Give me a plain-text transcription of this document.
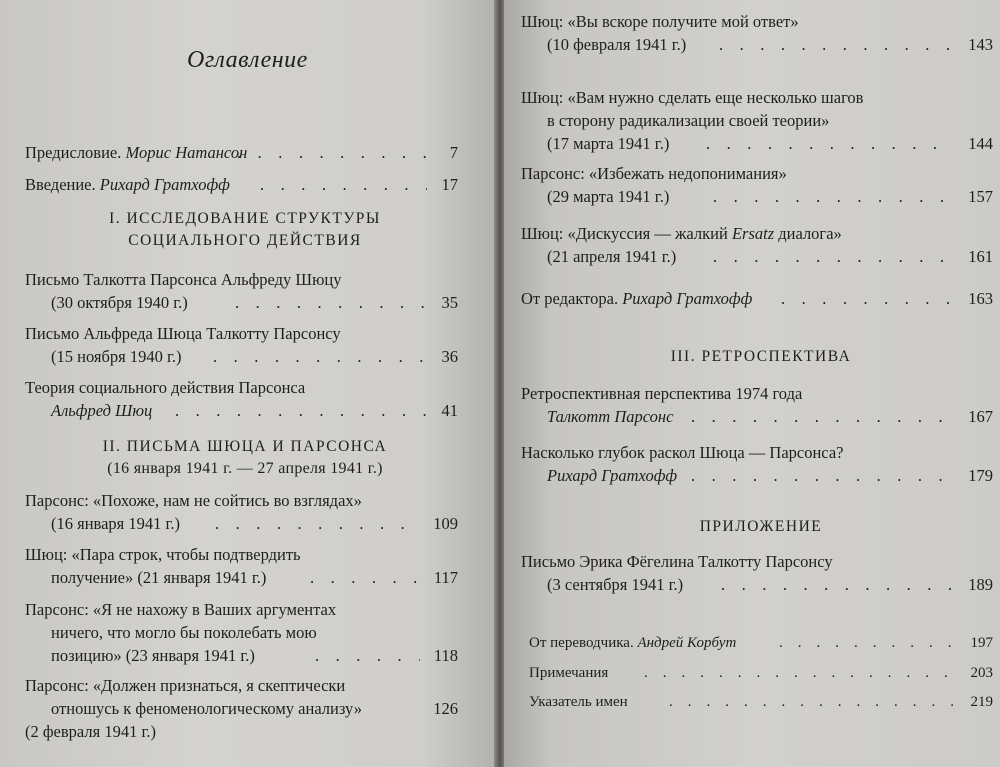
Оглавление
Предисловие. Морис Натансон .	7
Введение. Рихард Гратхофф .	17
I. ИССЛЕДОВАНИЕ СТРУКТУРЫ
СОЦИАЛЬНОГО ДЕЙСТВИЯ
Письмо Талкотта Парсонса Альфреду Шюцу
(30 октября 1940 г.) .	35
Письмо Альфреда Шюца Талкотту Парсонсу
(15 ноября 1940 г.) .	36
Теория социального действия Парсонса
Альфред Шюц .	41
II. ПИСЬМА ШЮЦА И ПАРСОНСА
(16 января 1941 г. — 27 апреля 1941 г.)
Парсонс: «Похоже, нам не сойтись во взглядах»
(16 января 1941 г.) .	109
Шюц: «Пара строк, чтобы подтвердить
получение» (21 января 1941 г.) .	117
Парсонс: «Я не нахожу в Ваших аргументах
ничего, что могло бы поколебать мою
позицию» (23 января 1941 г.) .	118
Парсонс: «Должен признаться, я скептически
отношусь к феноменологическому анализу»	126
(2 февраля 1941 г.)
Шюц: «Вы вскоре получите мой ответ»
(10 февраля 1941 г.) .	143
Шюц: «Вам нужно сделать еще несколько шагов
в сторону радикализации своей теории»
(17 марта 1941 г.) .	144
Парсонс: «Избежать недопонимания»
(29 марта 1941 г.) .	157
Шюц: «Дискуссия — жалкий Ersatz диалога»
(21 апреля 1941 г.) .	161
От редактора. Рихард Гратхофф .	163
III. РЕТРОСПЕКТИВА
Ретроспективная перспектива 1974 года
Талкотт Парсонс .	167
Насколько глубок раскол Шюца — Парсонса?
Рихард Гратхофф .	179
ПРИЛОЖЕНИЕ
Письмо Эрика Фёгелина Талкотту Парсонсу
(3 сентября 1941 г.) .	189
От переводчика. Андрей Корбут .	197
Примечания .	203
Указатель имен .	219
